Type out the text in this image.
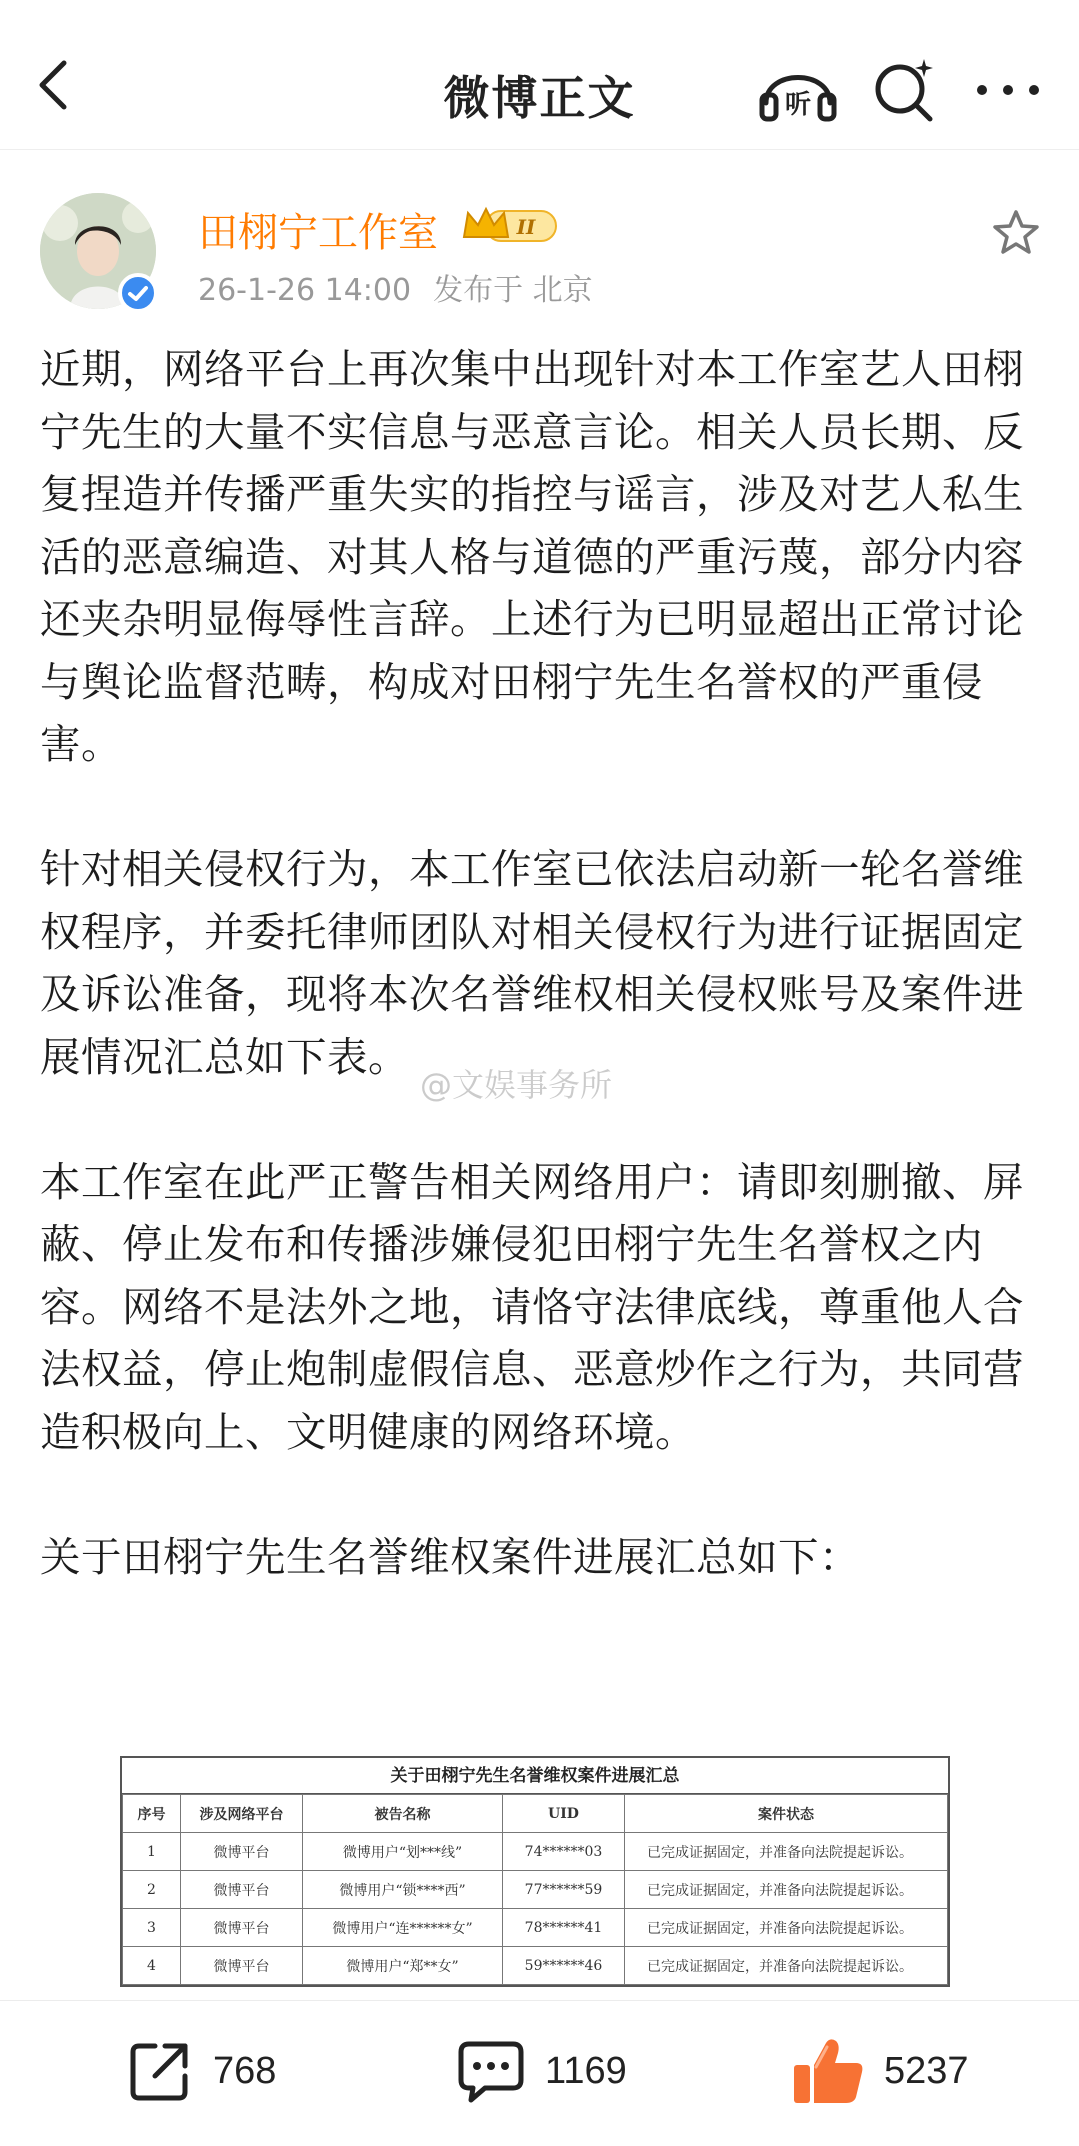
微博正文	听
田栩宁工作室	II
26-1-26 14:00 发布于 北京

近期，网络平台上再次集中出现针对本工作室艺人田栩宁先生的大量不实信息与恶意言论。相关人员长期、反复捏造并传播严重失实的指控与谣言，涉及对艺人私生活的恶意编造、对其人格与道德的严重污蔑，部分内容还夹杂明显侮辱性言辞。上述行为已明显超出正常讨论与舆论监督范畴，构成对田栩宁先生名誉权的严重侵害。

针对相关侵权行为，本工作室已依法启动新一轮名誉维权程序，并委托律师团队对相关侵权行为进行证据固定及诉讼准备，现将本次名誉维权相关侵权账号及案件进展情况汇总如下表。

本工作室在此严正警告相关网络用户：请即刻删撤、屏蔽、停止发布和传播涉嫌侵犯田栩宁先生名誉权之内容。网络不是法外之地，请恪守法律底线，尊重他人合法权益，停止炮制虚假信息、恶意炒作之行为，共同营造积极向上、文明健康的网络环境。

关于田栩宁先生名誉维权案件进展汇总如下：

@文娱事务所
关于田栩宁先生名誉维权案件进展汇总
序号	涉及网络平台	被告名称	UID	案件状态
1	微博平台	微博用户“划***线”	74******03	已完成证据固定，并准备向法院提起诉讼。
2	微博平台	微博用户“锁****西”	77******59	已完成证据固定，并准备向法院提起诉讼。
3	微博平台	微博用户“连******女”	78******41	已完成证据固定，并准备向法院提起诉讼。
4	微博平台	微博用户“郑**女”	59******46	已完成证据固定，并准备向法院提起诉讼。
768	1169	5237
